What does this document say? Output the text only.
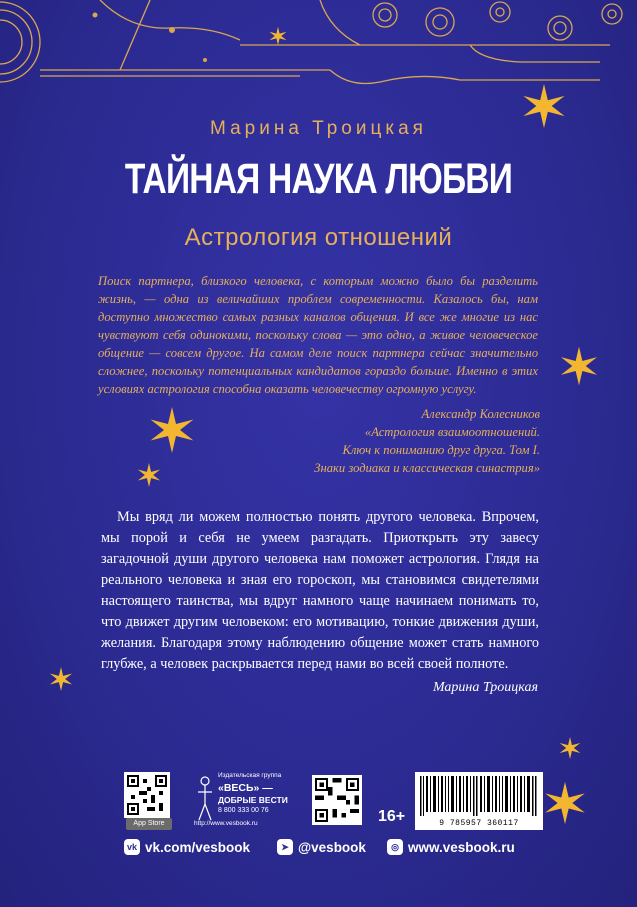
Марина Троицкая
ТАЙНАЯ НАУКА ЛЮБВИ
Астрология отношений

Поиск партнера, близкого человека, с которым можно было бы разделить жизнь, — одна из величайших проблем современности. Казалось бы, нам доступно множество самых разных каналов общения. И все же многие из нас чувствуют себя одинокими, поскольку слова — это одно, а живое человеческое общение — совсем другое. На самом деле поиск партнера сейчас значительно сложнее, поскольку потенциальных кандидатов гораздо больше. Именно в этих условиях астрология способна оказать человечеству огромную услугу.

Александр Колесников
«Астрология взаимоотношений.
Ключ к пониманию друг друга. Том I.
Знаки зодиака и классическая синастрия»

Мы вряд ли можем полностью понять другого человека. Впрочем, мы порой и себя не умеем разгадать. Приоткрыть эту завесу загадочной души другого человека нам поможет астрология. Глядя на реального человека и зная его гороскоп, мы становимся свидетелями настоящего таинства, мы вдруг намного чаще начинаем понимать то, что движет другим человеком: его мотивацию, тонкие движения души, желания. Благодаря этому наблюдению общение может стать намного глубже, а человек раскрывается перед нами во всей своей полноте.

Марина Троицкая
App Store
Издательская группа
«ВЕСЬ» —
ДОБРЫЕ ВЕСТИ
8 800 333 00 76
http://www.vesbook.ru	16+	9 785957 360117
vk vk.com/vesbook	➤ @vesbook	◎ www.vesbook.ru
